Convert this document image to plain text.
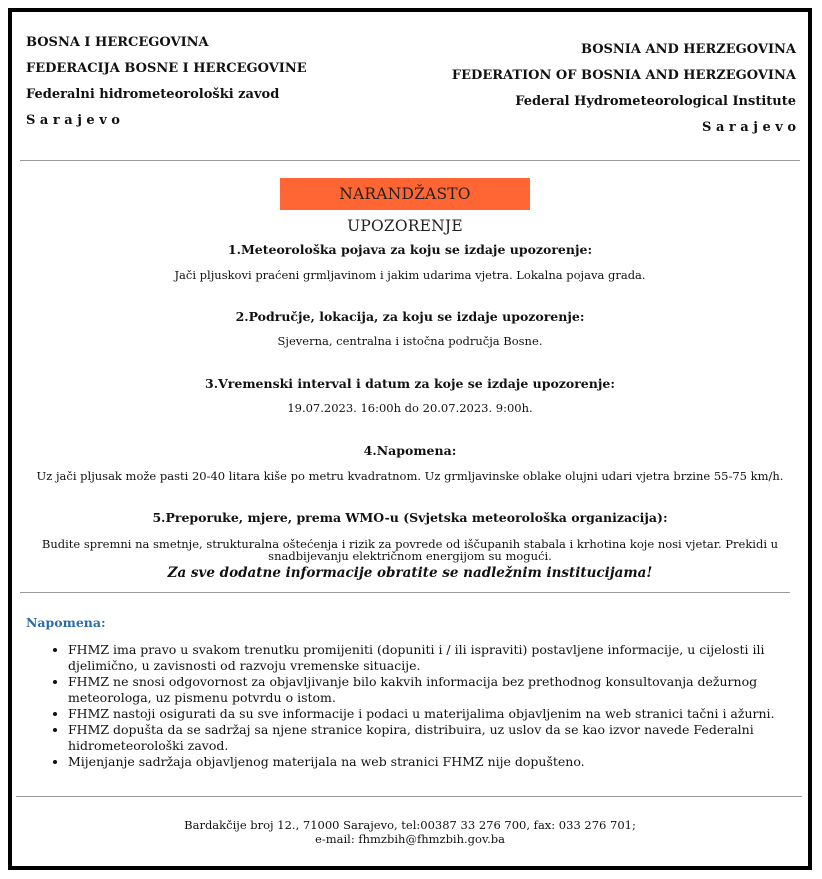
BOSNA I HERCEGOVINA
FEDERACIJA BOSNE I HERCEGOVINE
Federalni hidrometeorološki zavod
S a r a j e v o
BOSNIA AND HERZEGOVINA
FEDERATION OF BOSNIA AND HERZEGOVINA
Federal Hydrometeorological Institute
S a r a j e v o
NARANDŽASTO UPOZORENJE
1.Meteorološka pojava za koju se izdaje upozorenje:
Jači pljuskovi praćeni grmljavinom i jakim udarima vjetra. Lokalna pojava grada.
2.Područje, lokacija, za koju se izdaje upozorenje:
Sjeverna, centralna i istočna područja Bosne.
3.Vremenski interval i datum za koje se izdaje upozorenje:
19.07.2023. 16:00h do 20.07.2023. 9:00h.
4.Napomena:
Uz jači pljusak može pasti 20-40 litara kiše po metru kvadratnom. Uz grmljavinske oblake olujni udari vjetra brzine 55-75 km/h.
5.Preporuke, mjere, prema WMO-u (Svjetska meteorološka organizacija):
Budite spremni na smetnje, strukturalna oštećenja i rizik za povrede od iščupanih stabala i krhotina koje nosi vjetar. Prekidi u snadbijevanju električnom energijom su mogući.
Za sve dodatne informacije obratite se nadležnim institucijama!
Napomena:
• FHMZ ima pravo u svakom trenutku promijeniti (dopuniti i / ili ispraviti) postavljene informacije, u cijelosti ili djelimično, u zavisnosti od razvoju vremenske situacije.
• FHMZ ne snosi odgovornost za objavljivanje bilo kakvih informacija bez prethodnog konsultovanja dežurnog meteorologa, uz pismenu potvrdu o istom.
• FHMZ nastoji osigurati da su sve informacije i podaci u materijalima objavljenim na web stranici tačni i ažurni.
• FHMZ dopušta da se sadržaj sa njene stranice kopira, distribuira, uz uslov da se kao izvor navede Federalni hidrometeorološki zavod.
• Mijenjanje sadržaja objavljenog materijala na web stranici FHMZ nije dopušteno.
Bardakčije broj 12., 71000 Sarajevo, tel:00387 33 276 700, fax: 033 276 701;
e-mail: fhmzbih@fhmzbih.gov.ba
